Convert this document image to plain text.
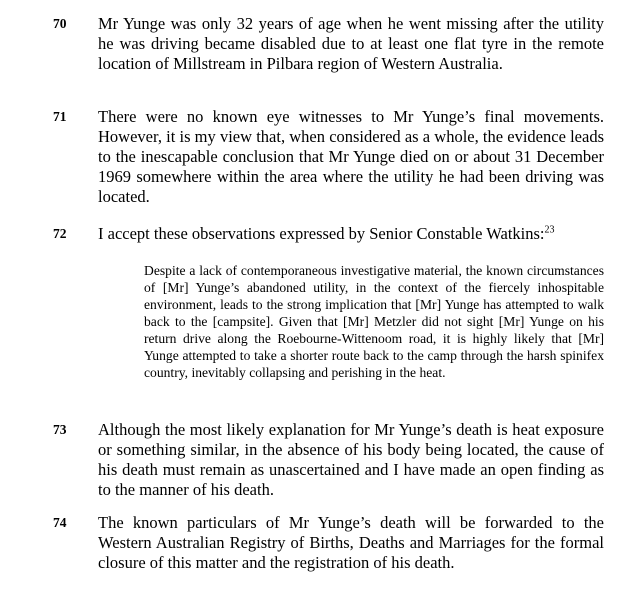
70 Mr Yunge was only 32 years of age when he went missing after the utility he was driving became disabled due to at least one flat tyre in the remote location of Millstream in Pilbara region of Western Australia.
71 There were no known eye witnesses to Mr Yunge’s final movements. However, it is my view that, when considered as a whole, the evidence leads to the inescapable conclusion that Mr Yunge died on or about 31 December 1969 somewhere within the area where the utility he had been driving was located.
72 I accept these observations expressed by Senior Constable Watkins:$^{23}$
Despite a lack of contemporaneous investigative material, the known circumstances of [Mr] Yunge’s abandoned utility, in the context of the fiercely inhospitable environment, leads to the strong implication that [Mr] Yunge has attempted to walk back to the [campsite]. Given that [Mr] Metzler did not sight [Mr] Yunge on his return drive along the Roebourne-Wittenoom road, it is highly likely that [Mr] Yunge attempted to take a shorter route back to the camp through the harsh spinifex country, inevitably collapsing and perishing in the heat.
73 Although the most likely explanation for Mr Yunge’s death is heat exposure or something similar, in the absence of his body being located, the cause of his death must remain as unascertained and I have made an open finding as to the manner of his death.
74 The known particulars of Mr Yunge’s death will be forwarded to the Western Australian Registry of Births, Deaths and Marriages for the formal closure of this matter and the registration of his death.
